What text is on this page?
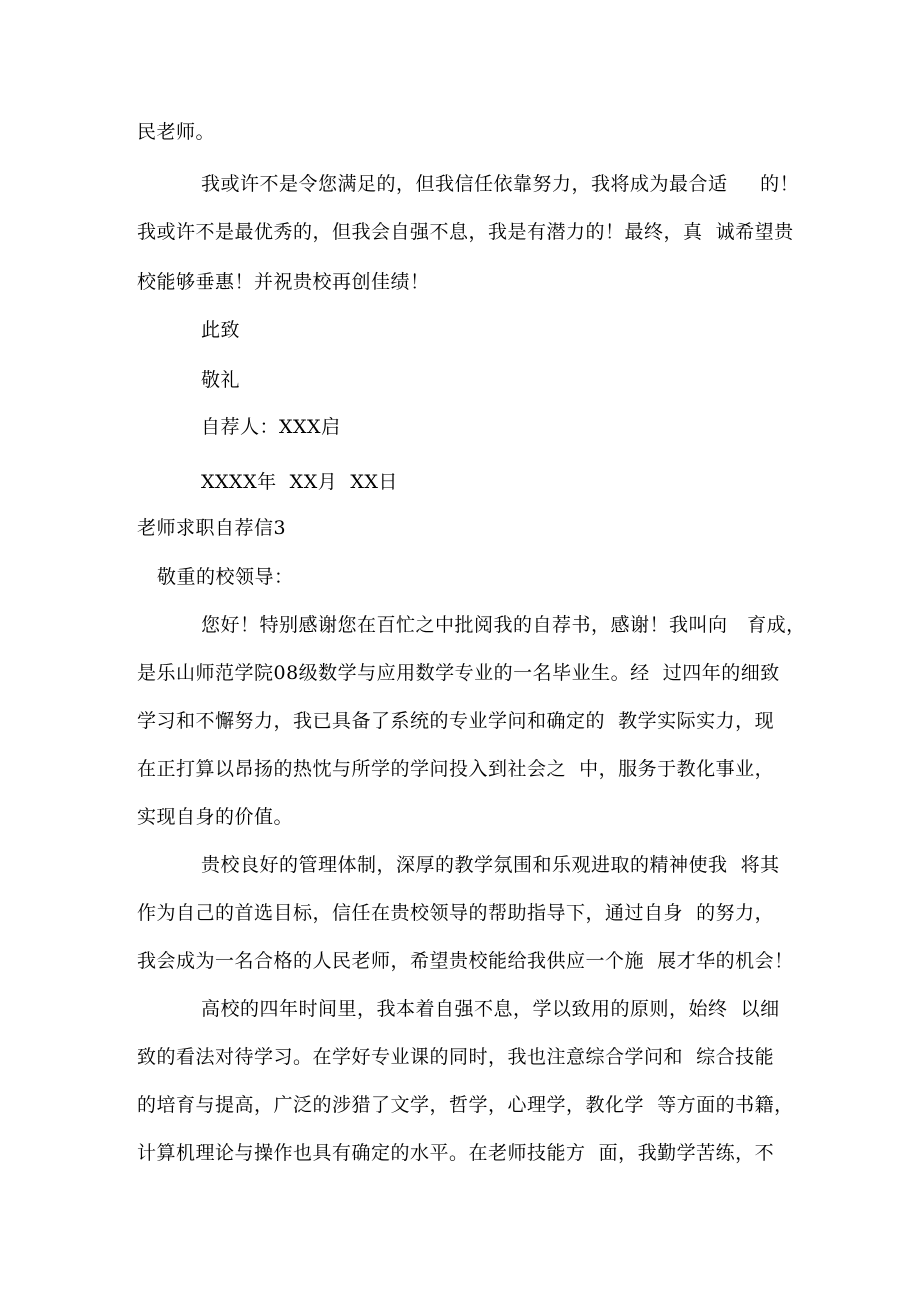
民老师。
我或许不是令您满足的，但我信任依靠努力，我将成为最合适　  的！
我或许不是最优秀的，但我会自强不息，我是有潜力的！最终，真  诚希望贵
校能够垂惠！并祝贵校再创佳绩！
此致
敬礼
自荐人：XXX启
XXXX年  XX月  XX日
老师求职自荐信3
敬重的校领导：
您好！特别感谢您在百忙之中批阅我的自荐书，感谢！我叫向   育成，
是乐山师范学院08级数学与应用数学专业的一名毕业生。经  过四年的细致
学习和不懈努力，我已具备了系统的专业学问和确定的  教学实际实力，现
在正打算以昂扬的热忱与所学的学问投入到社会之  中，服务于教化事业，
实现自身的价值。
贵校良好的管理体制，深厚的教学氛围和乐观进取的精神使我  将其
作为自己的首选目标，信任在贵校领导的帮助指导下，通过自身  的努力，
我会成为一名合格的人民老师，希望贵校能给我供应一个施  展才华的机会！
高校的四年时间里，我本着自强不息，学以致用的原则，始终  以细
致的看法对待学习。在学好专业课的同时，我也注意综合学问和  综合技能
的培育与提高，广泛的涉猎了文学，哲学，心理学，教化学  等方面的书籍，
计算机理论与操作也具有确定的水平。在老师技能方  面，我勤学苦练，不
